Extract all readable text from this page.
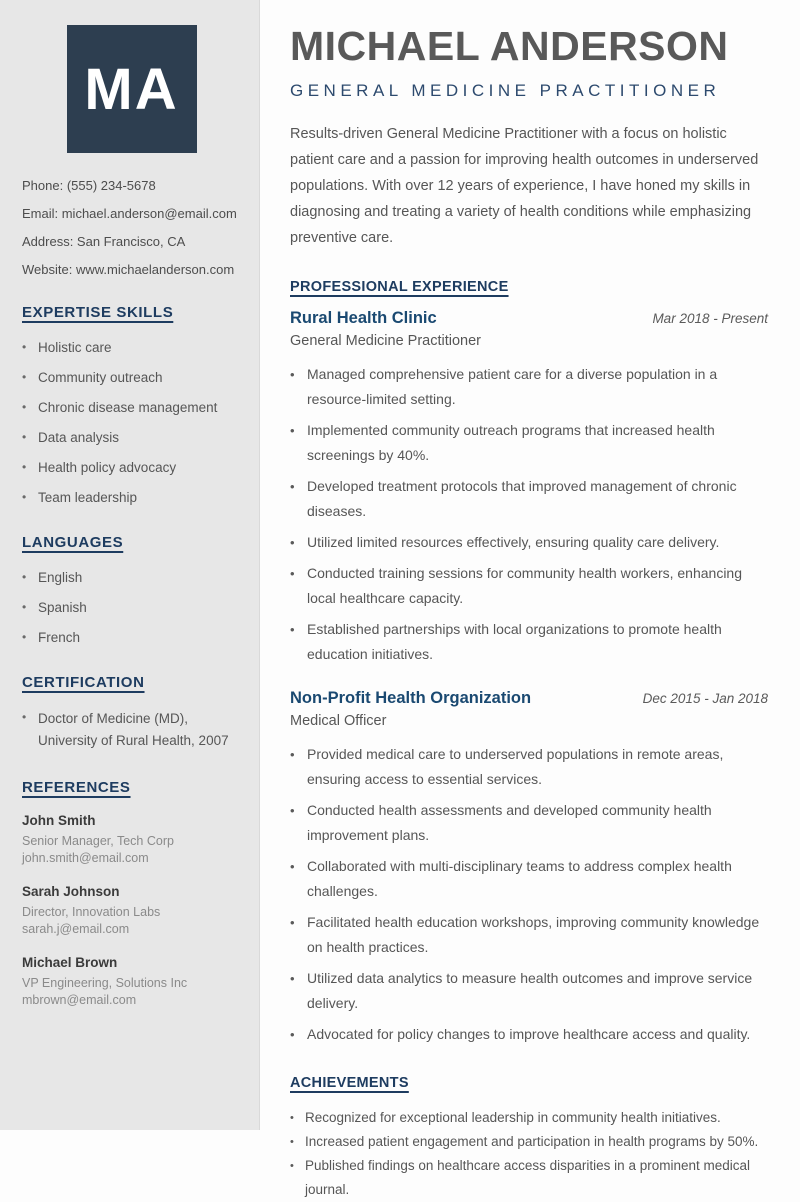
MA
Phone: (555) 234-5678
Email: michael.anderson@email.com
Address: San Francisco, CA
Website: www.michaelanderson.com
EXPERTISE SKILLS
• Holistic care
• Community outreach
• Chronic disease management
• Data analysis
• Health policy advocacy
• Team leadership
LANGUAGES
• English
• Spanish
• French
CERTIFICATION
• Doctor of Medicine (MD), University of Rural Health, 2007
REFERENCES
John Smith
Senior Manager, Tech Corp
john.smith@email.com
Sarah Johnson
Director, Innovation Labs
sarah.j@email.com
Michael Brown
VP Engineering, Solutions Inc
mbrown@email.com
MICHAEL ANDERSON
GENERAL MEDICINE PRACTITIONER

Results-driven General Medicine Practitioner with a focus on holistic patient care and a passion for improving health outcomes in underserved populations. With over 12 years of experience, I have honed my skills in diagnosing and treating a variety of health conditions while emphasizing preventive care.

PROFESSIONAL EXPERIENCE
Rural Health Clinic	Mar 2018 - Present
General Medicine Practitioner
• Managed comprehensive patient care for a diverse population in a resource-limited setting.
• Implemented community outreach programs that increased health screenings by 40%.
• Developed treatment protocols that improved management of chronic diseases.
• Utilized limited resources effectively, ensuring quality care delivery.
• Conducted training sessions for community health workers, enhancing local healthcare capacity.
• Established partnerships with local organizations to promote health education initiatives.
Non-Profit Health Organization	Dec 2015 - Jan 2018
Medical Officer
• Provided medical care to underserved populations in remote areas, ensuring access to essential services.
• Conducted health assessments and developed community health improvement plans.
• Collaborated with multi-disciplinary teams to address complex health challenges.
• Facilitated health education workshops, improving community knowledge on health practices.
• Utilized data analytics to measure health outcomes and improve service delivery.
• Advocated for policy changes to improve healthcare access and quality.
ACHIEVEMENTS
• Recognized for exceptional leadership in community health initiatives.
• Increased patient engagement and participation in health programs by 50%.
• Published findings on healthcare access disparities in a prominent medical journal.
